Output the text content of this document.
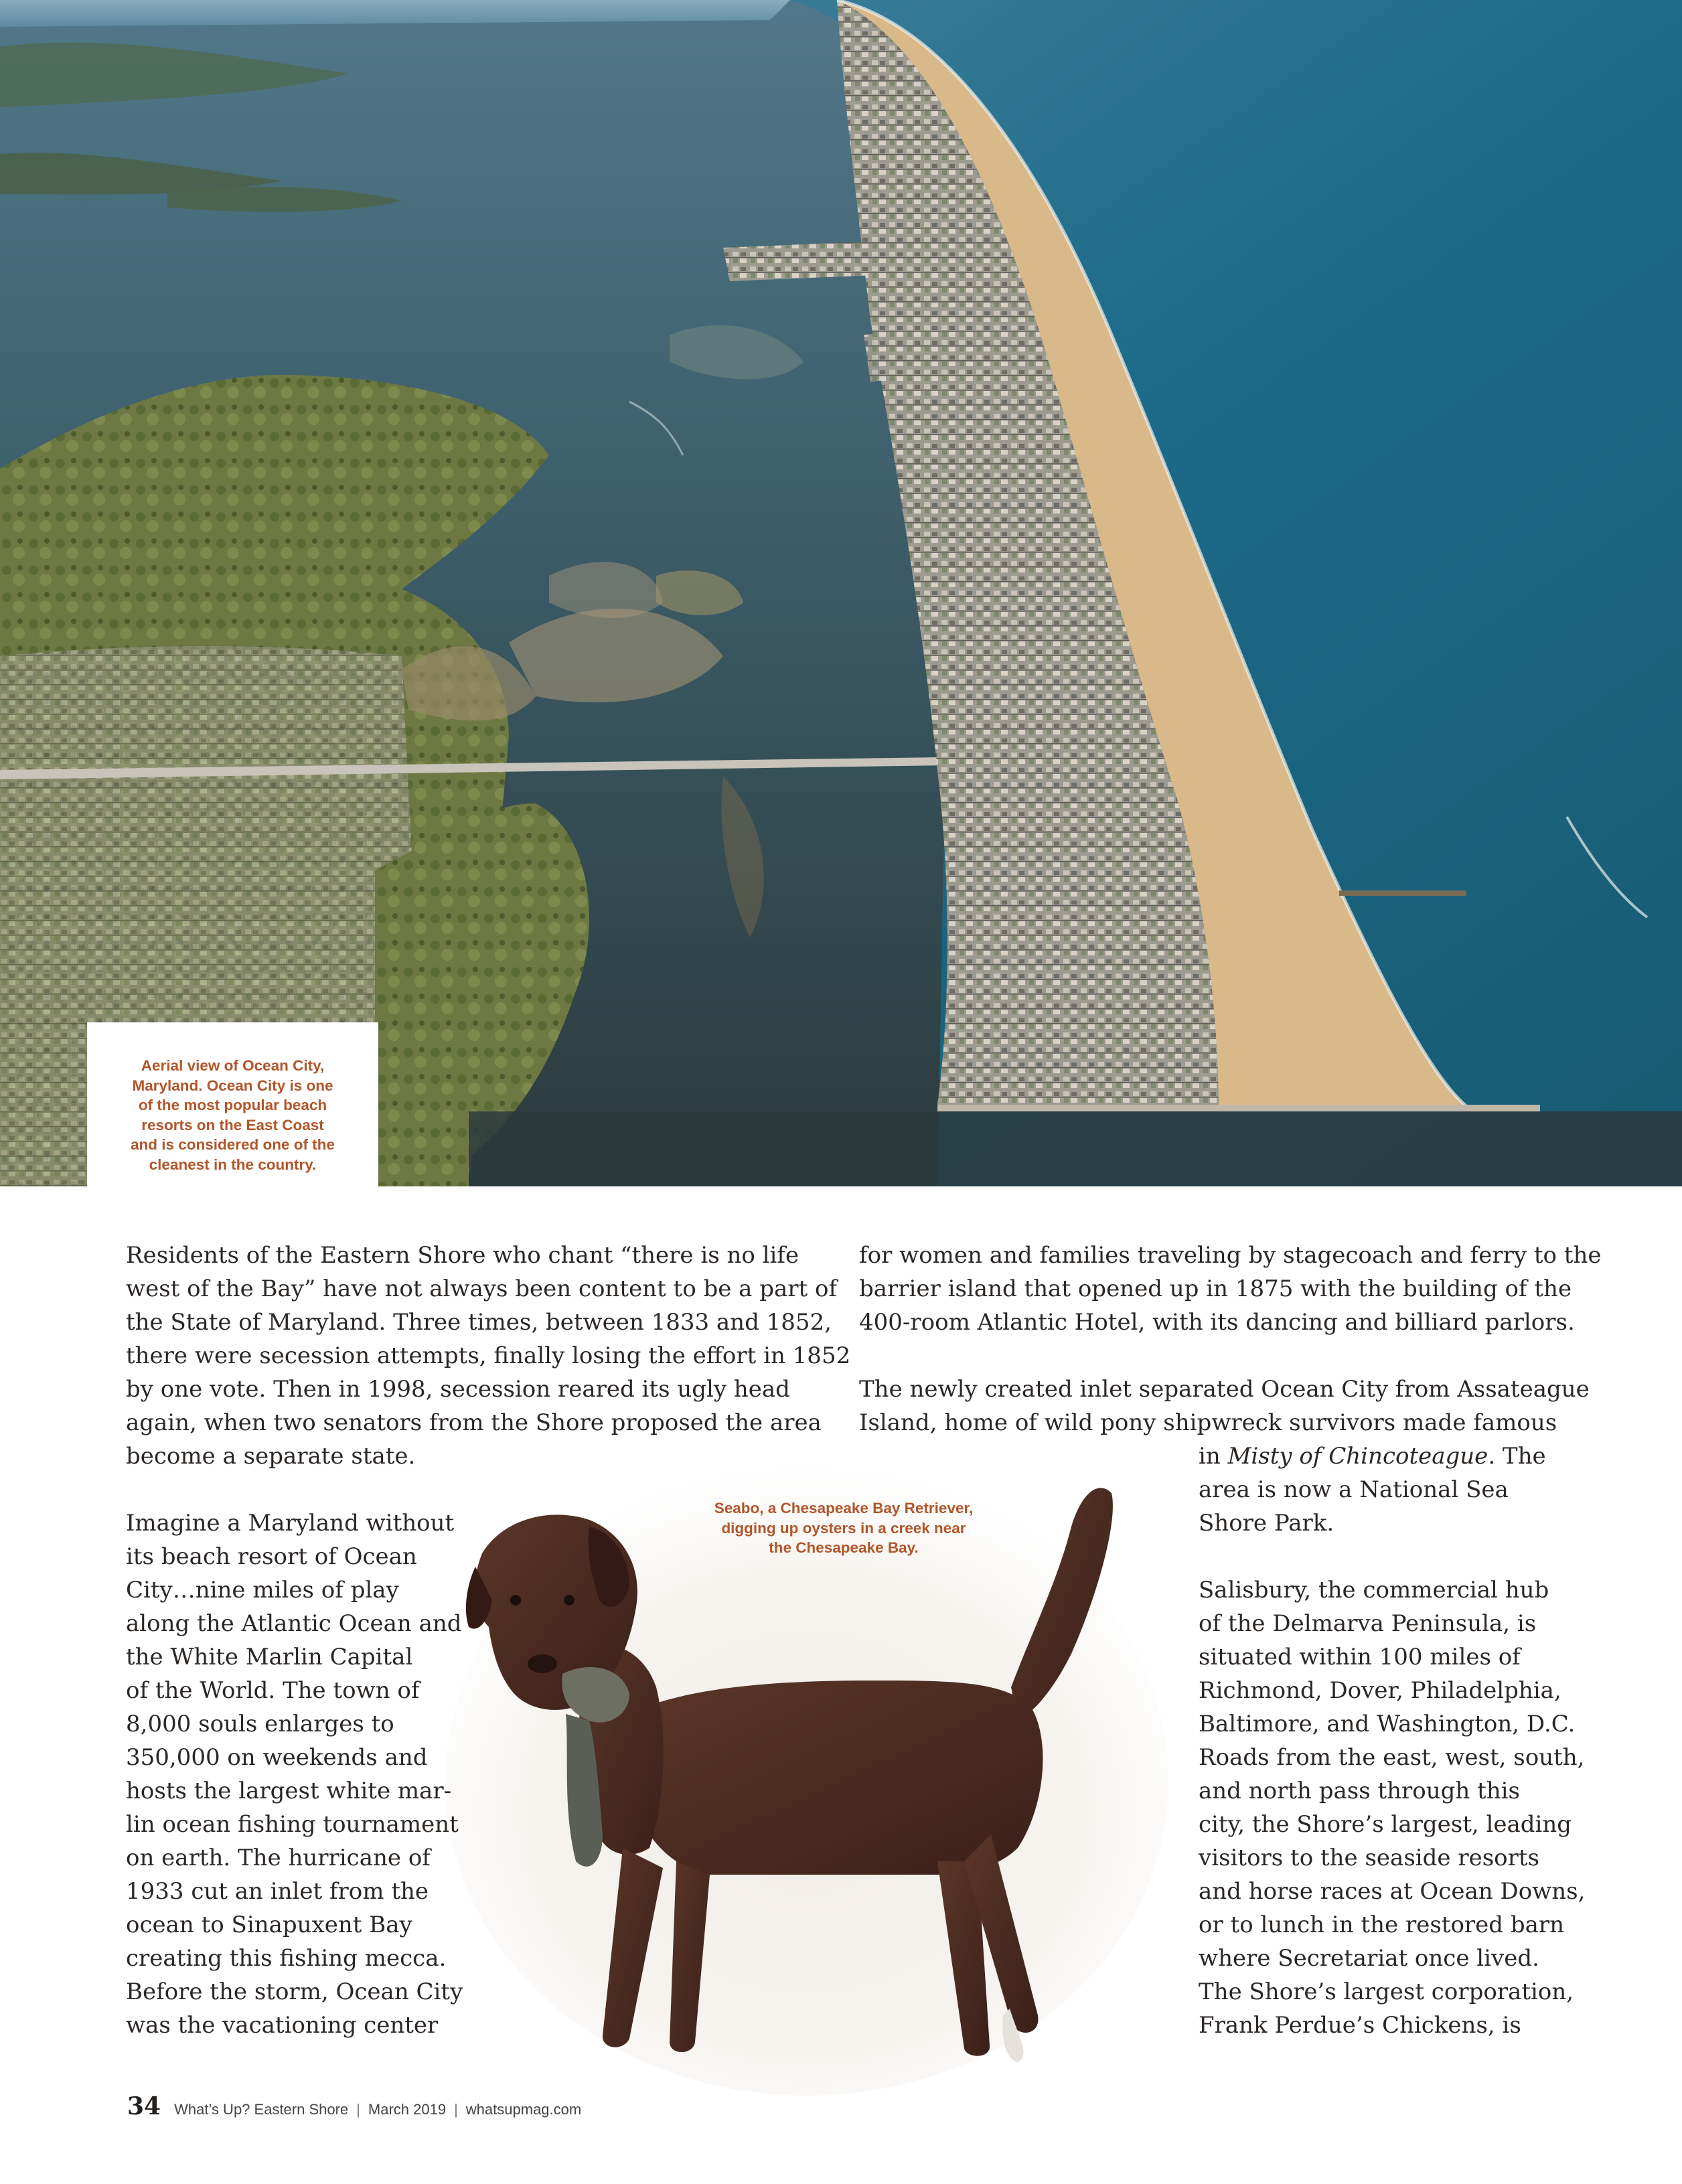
Aerial view of Ocean City,
Maryland. Ocean City is one
of the most popular beach
resorts on the East Coast
and is considered one of the
cleanest in the country.

Seabo, a Chesapeake Bay Retriever,
digging up oysters in a creek near
the Chesapeake Bay.

Residents of the Eastern Shore who chant “there is no life
west of the Bay” have not always been content to be a part of
the State of Maryland. Three times, between 1833 and 1852,
there were secession attempts, finally losing the effort in 1852
by one vote. Then in 1998, secession reared its ugly head
again, when two senators from the Shore proposed the area
become a separate state.
Imagine a Maryland without
its beach resort of Ocean
City…nine miles of play
along the Atlantic Ocean and
the White Marlin Capital
of the World. The town of
8,000 souls enlarges to
350,000 on weekends and
hosts the largest white mar-
lin ocean fishing tournament
on earth. The hurricane of
1933 cut an inlet from the
ocean to Sinapuxent Bay
creating this fishing mecca.
Before the storm, Ocean City
was the vacationing center
for women and families traveling by stagecoach and ferry to the
barrier island that opened up in 1875 with the building of the
400-room Atlantic Hotel, with its dancing and billiard parlors.
The newly created inlet separated Ocean City from Assateague
Island, home of wild pony shipwreck survivors made famous
in Misty of Chincoteague. The
area is now a National Sea
Shore Park.
Salisbury, the commercial hub
of the Delmarva Peninsula, is
situated within 100 miles of
Richmond, Dover, Philadelphia,
Baltimore, and Washington, D.C.
Roads from the east, west, south,
and north pass through this
city, the Shore’s largest, leading
visitors to the seaside resorts
and horse races at Ocean Downs,
or to lunch in the restored barn
where Secretariat once lived.
The Shore’s largest corporation,
Frank Perdue’s Chickens, is
34 What’s Up? Eastern Shore | March 2019 | whatsupmag.com
